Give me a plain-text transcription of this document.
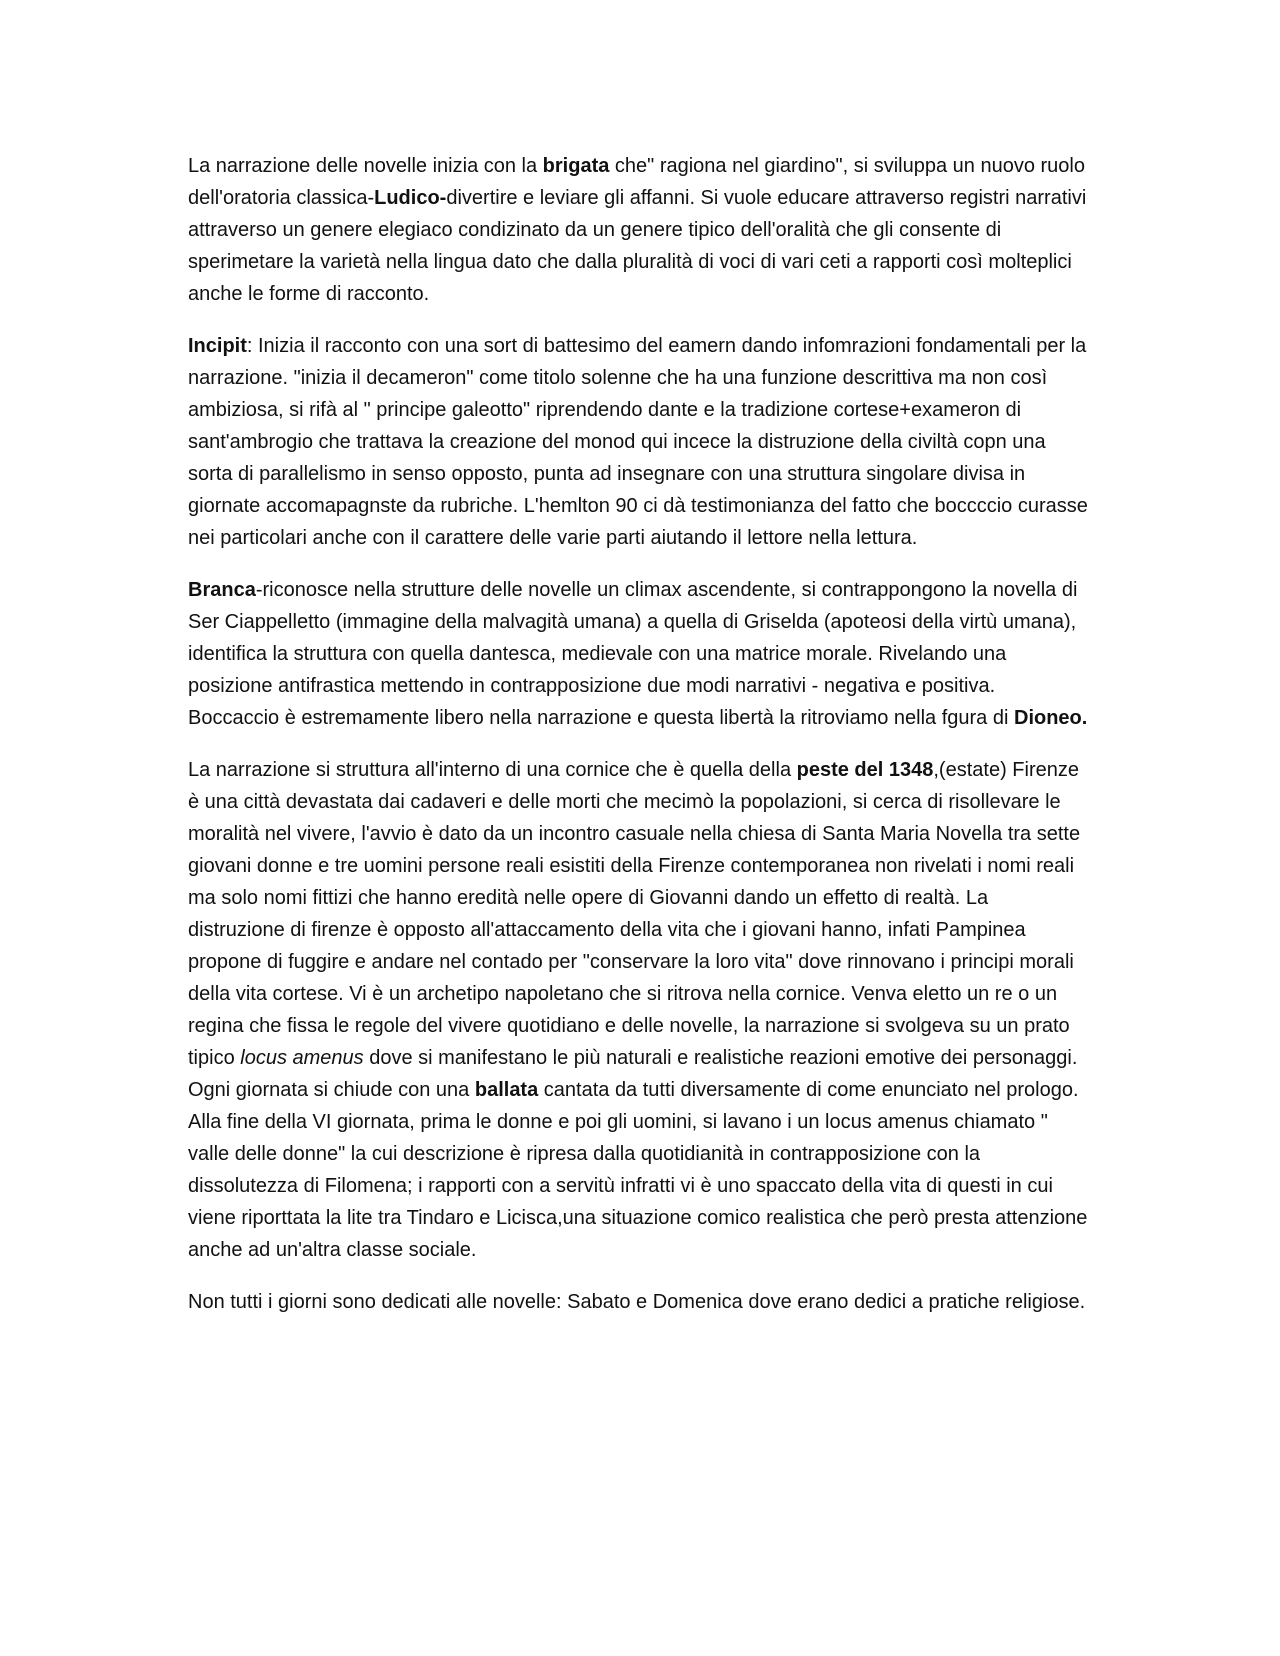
La narrazione delle novelle inizia con la brigata che" ragiona nel giardino", si sviluppa un nuovo ruolo dell'oratoria classica-Ludico-divertire e leviare gli affanni. Si vuole educare attraverso registri narrativi attraverso un genere elegiaco condizinato da un genere tipico dell'oralità che gli consente di sperimetare la varietà nella lingua dato che dalla pluralità di voci di vari ceti a rapporti così molteplici anche le forme di racconto.

Incipit: Inizia il racconto con una sort di battesimo del eamern dando infomrazioni fondamentali per la narrazione. "inizia il decameron" come titolo solenne che ha una funzione descrittiva ma non così ambiziosa, si rifà al " principe galeotto" riprendendo dante e la tradizione cortese+exameron di sant'ambrogio che trattava la creazione del monod qui incece la distruzione della civiltà copn una sorta di parallelismo in senso opposto, punta ad insegnare con una struttura singolare divisa in giornate accomapagnste da rubriche. L'hemlton 90 ci dà testimonianza del fatto che boccccio curasse nei particolari anche con il carattere delle varie parti aiutando il lettore nella lettura.

Branca-riconosce nella strutture delle novelle un climax ascendente, si contrappongono la novella di Ser Ciappelletto (immagine della malvagità umana) a quella di Griselda (apoteosi della virtù umana), identifica la struttura con quella dantesca, medievale con una matrice morale. Rivelando una posizione antifrastica mettendo in contrapposizione due modi narrativi - negativa e positiva. Boccaccio è estremamente libero nella narrazione e questa libertà la ritroviamo nella fgura di Dioneo.

La narrazione si struttura all'interno di una cornice che è quella della peste del 1348,(estate) Firenze è una città devastata dai cadaveri e delle morti che mecimò la popolazioni, si cerca di risollevare le moralità nel vivere, l'avvio è dato da un incontro casuale nella chiesa di Santa Maria Novella tra sette giovani donne e tre uomini persone reali esistiti della Firenze contemporanea non rivelati i nomi reali ma solo nomi fittizi che hanno eredità nelle opere di Giovanni dando un effetto di realtà. La distruzione di firenze è opposto all'attaccamento della vita che i giovani hanno, infati Pampinea propone di fuggire e andare nel contado per "conservare la loro vita" dove rinnovano i principi morali della vita cortese. Vi è un archetipo napoletano che si ritrova nella cornice. Venva eletto un re o un regina che fissa le regole del vivere quotidiano e delle novelle, la narrazione si svolgeva su un prato tipico locus amenus dove si manifestano le più naturali e realistiche reazioni emotive dei personaggi. Ogni giornata si chiude con una ballata cantata da tutti diversamente di come enunciato nel prologo. Alla fine della VI giornata, prima le donne e poi gli uomini, si lavano i un locus amenus chiamato " valle delle donne" la cui descrizione è ripresa dalla quotidianità in contrapposizione con la dissolutezza di Filomena; i rapporti con a servitù infratti vi è uno spaccato della vita di questi in cui viene riporttata la lite tra Tindaro e Licisca,una situazione comico realistica che però presta attenzione anche ad un'altra classe sociale.

Non tutti i giorni sono dedicati alle novelle: Sabato e Domenica dove erano dedici a pratiche religiose.
